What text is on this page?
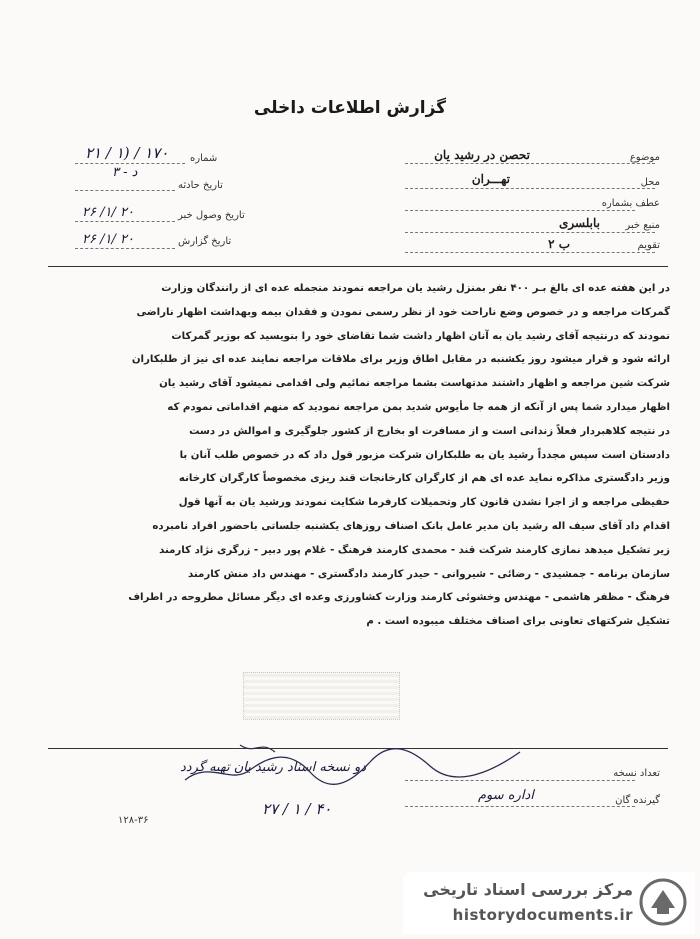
گزارش اطلاعات داخلی
موضوع
تحصن در رشید یان
محل
تهـــران
عطف بشماره
منبع خبر
بابلسری
تقویم
ب ۲
شماره
۲۱ / ۱) / ۱۷۰
د - ۳
تاریخ حادثه
تاریخ وصول خبر
۲۶ /۱/ ۲۰
تاریخ گزارش
۲۶ /۱/ ۲۰
در این هفته عده ای بالغ بـر ۴۰۰ نفر بمنزل رشید یان مراجعه نمودند منجمله عده ای از رانندگان وزارت
گمرکات مراجعه و در خصوص وضع ناراحت خود از نظر رسمی نمودن و فقدان بیمه وبهداشت اظهار ناراضی
نمودند که درنتیجه آقای رشید یان به آنان اظهار داشت شما تقاضای خود را بنویسید که بوزیر گمرکات
ارائه شود و قرار میشود روز یکشنبه در مقابل اطاق وزیر برای ملاقات مراجعه نمایند عده ای نیز از طلبکاران
شرکت شین مراجعه و اظهار داشتند مدتهاست بشما مراجعه نمائیم ولی اقدامی نمیشود آقای رشید یان
اظهار میدارد شما پس از آنکه از همه جا مأیوس شدید بمن مراجعه نمودید که منهم اقداماتی نمودم که
در نتیجه کلاهبردار فعلاً زندانی است و از مسافرت او بخارج از کشور جلوگیری و اموالش در دست
دادستان است سپس مجدداً رشید یان به طلبکاران شرکت مزبور قول داد که در خصوص طلب آنان با
وزیر دادگستری مذاکره نماید عده ای هم از کارگران کارخانجات قند ریزی مخصوصاً کارگران کارخانه
حفیظی مراجعه و از اجرا نشدن قانون کار وتحمیلات کارفرما شکایت نمودند ورشید یان به آنها قول
اقدام داد آقای سیف اله رشید یان مدیر عامل بانک اصناف روزهای یکشنبه جلساتی باحضور افراد نامبرده
زیر تشکیل میدهد نمازی کارمند شرکت قند - محمدی کارمند فرهنگ - غلام پور دبیر - زرگری نژاد کارمند
سازمان برنامه - جمشیدی - رضائی - شیروانی - حیدر کارمند دادگستری - مهندس داد منش کارمند
فرهنگ - مظفر هاشمی - مهندس وخشوئی کارمند وزارت کشاورزی وعده ای دیگر مسائل مطروحه در اطراف
تشکیل شرکتهای تعاونی برای اصناف مختلف میبوده است . م
تعداد نسخه
گیرنده گان
اداره سوم
دو نسخه اسناد رشید یان تهیه گردد
۲۷ / ۱ / ۴۰
۱۲۸-۳۶
مرکز بررسی اسناد تاریخی
historydocuments.ir
